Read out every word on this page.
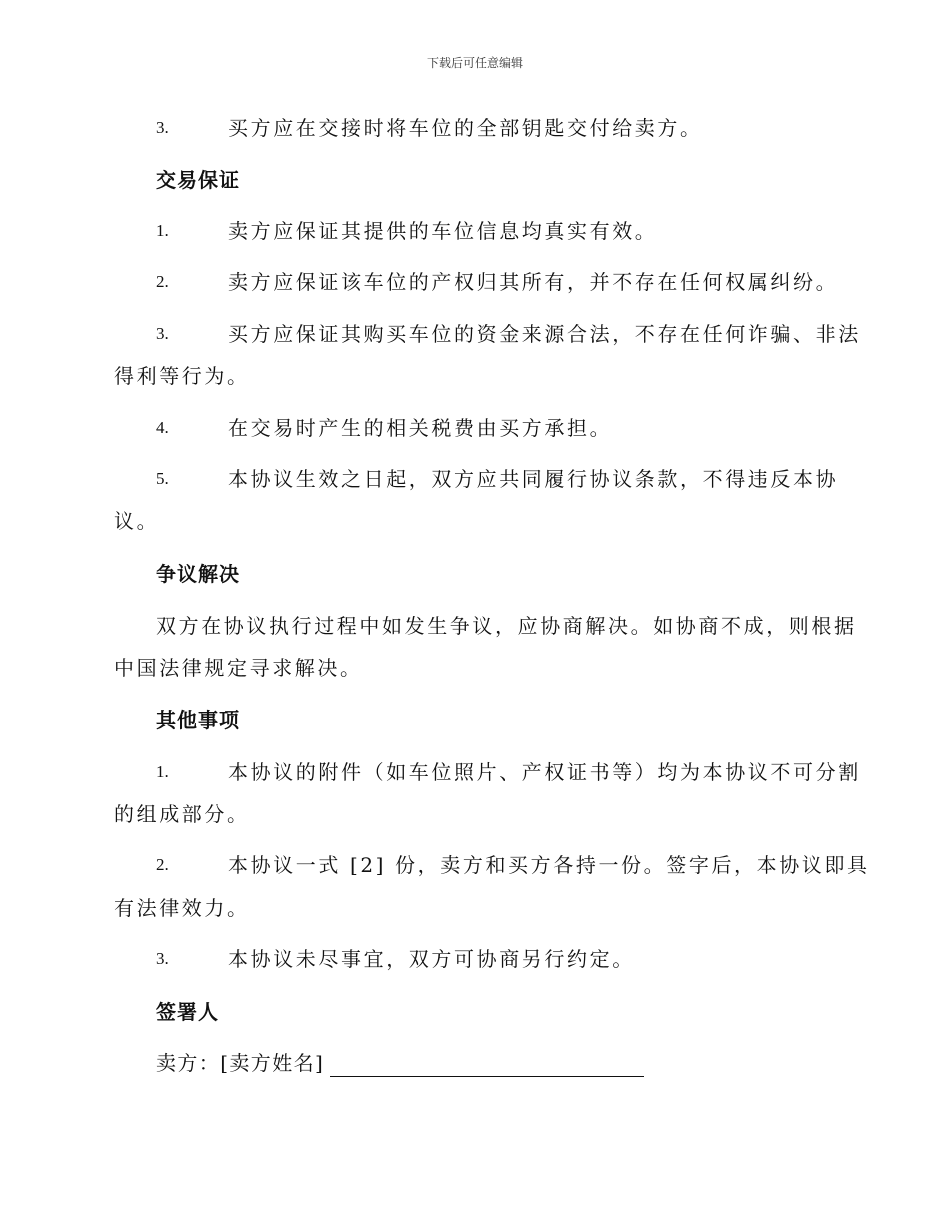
下载后可任意编辑
3.	买方应在交接时将车位的全部钥匙交付给卖方。
交易保证
1.	卖方应保证其提供的车位信息均真实有效。
2.	卖方应保证该车位的产权归其所有，并不存在任何权属纠纷。
3.	买方应保证其购买车位的资金来源合法，不存在任何诈骗、非法
得利等行为。
4.	在交易时产生的相关税费由买方承担。
5.	本协议生效之日起，双方应共同履行协议条款，不得违反本协
议。
争议解决
双方在协议执行过程中如发生争议，应协商解决。如协商不成，则根据
中国法律规定寻求解决。
其他事项
1.	本协议的附件（如车位照片、产权证书等）均为本协议不可分割
的组成部分。
2.	本协议一式 [2] 份，卖方和买方各持一份。签字后，本协议即具
有法律效力。
3.	本协议未尽事宜，双方可协商另行约定。
签署人
卖方：[卖方姓名]
